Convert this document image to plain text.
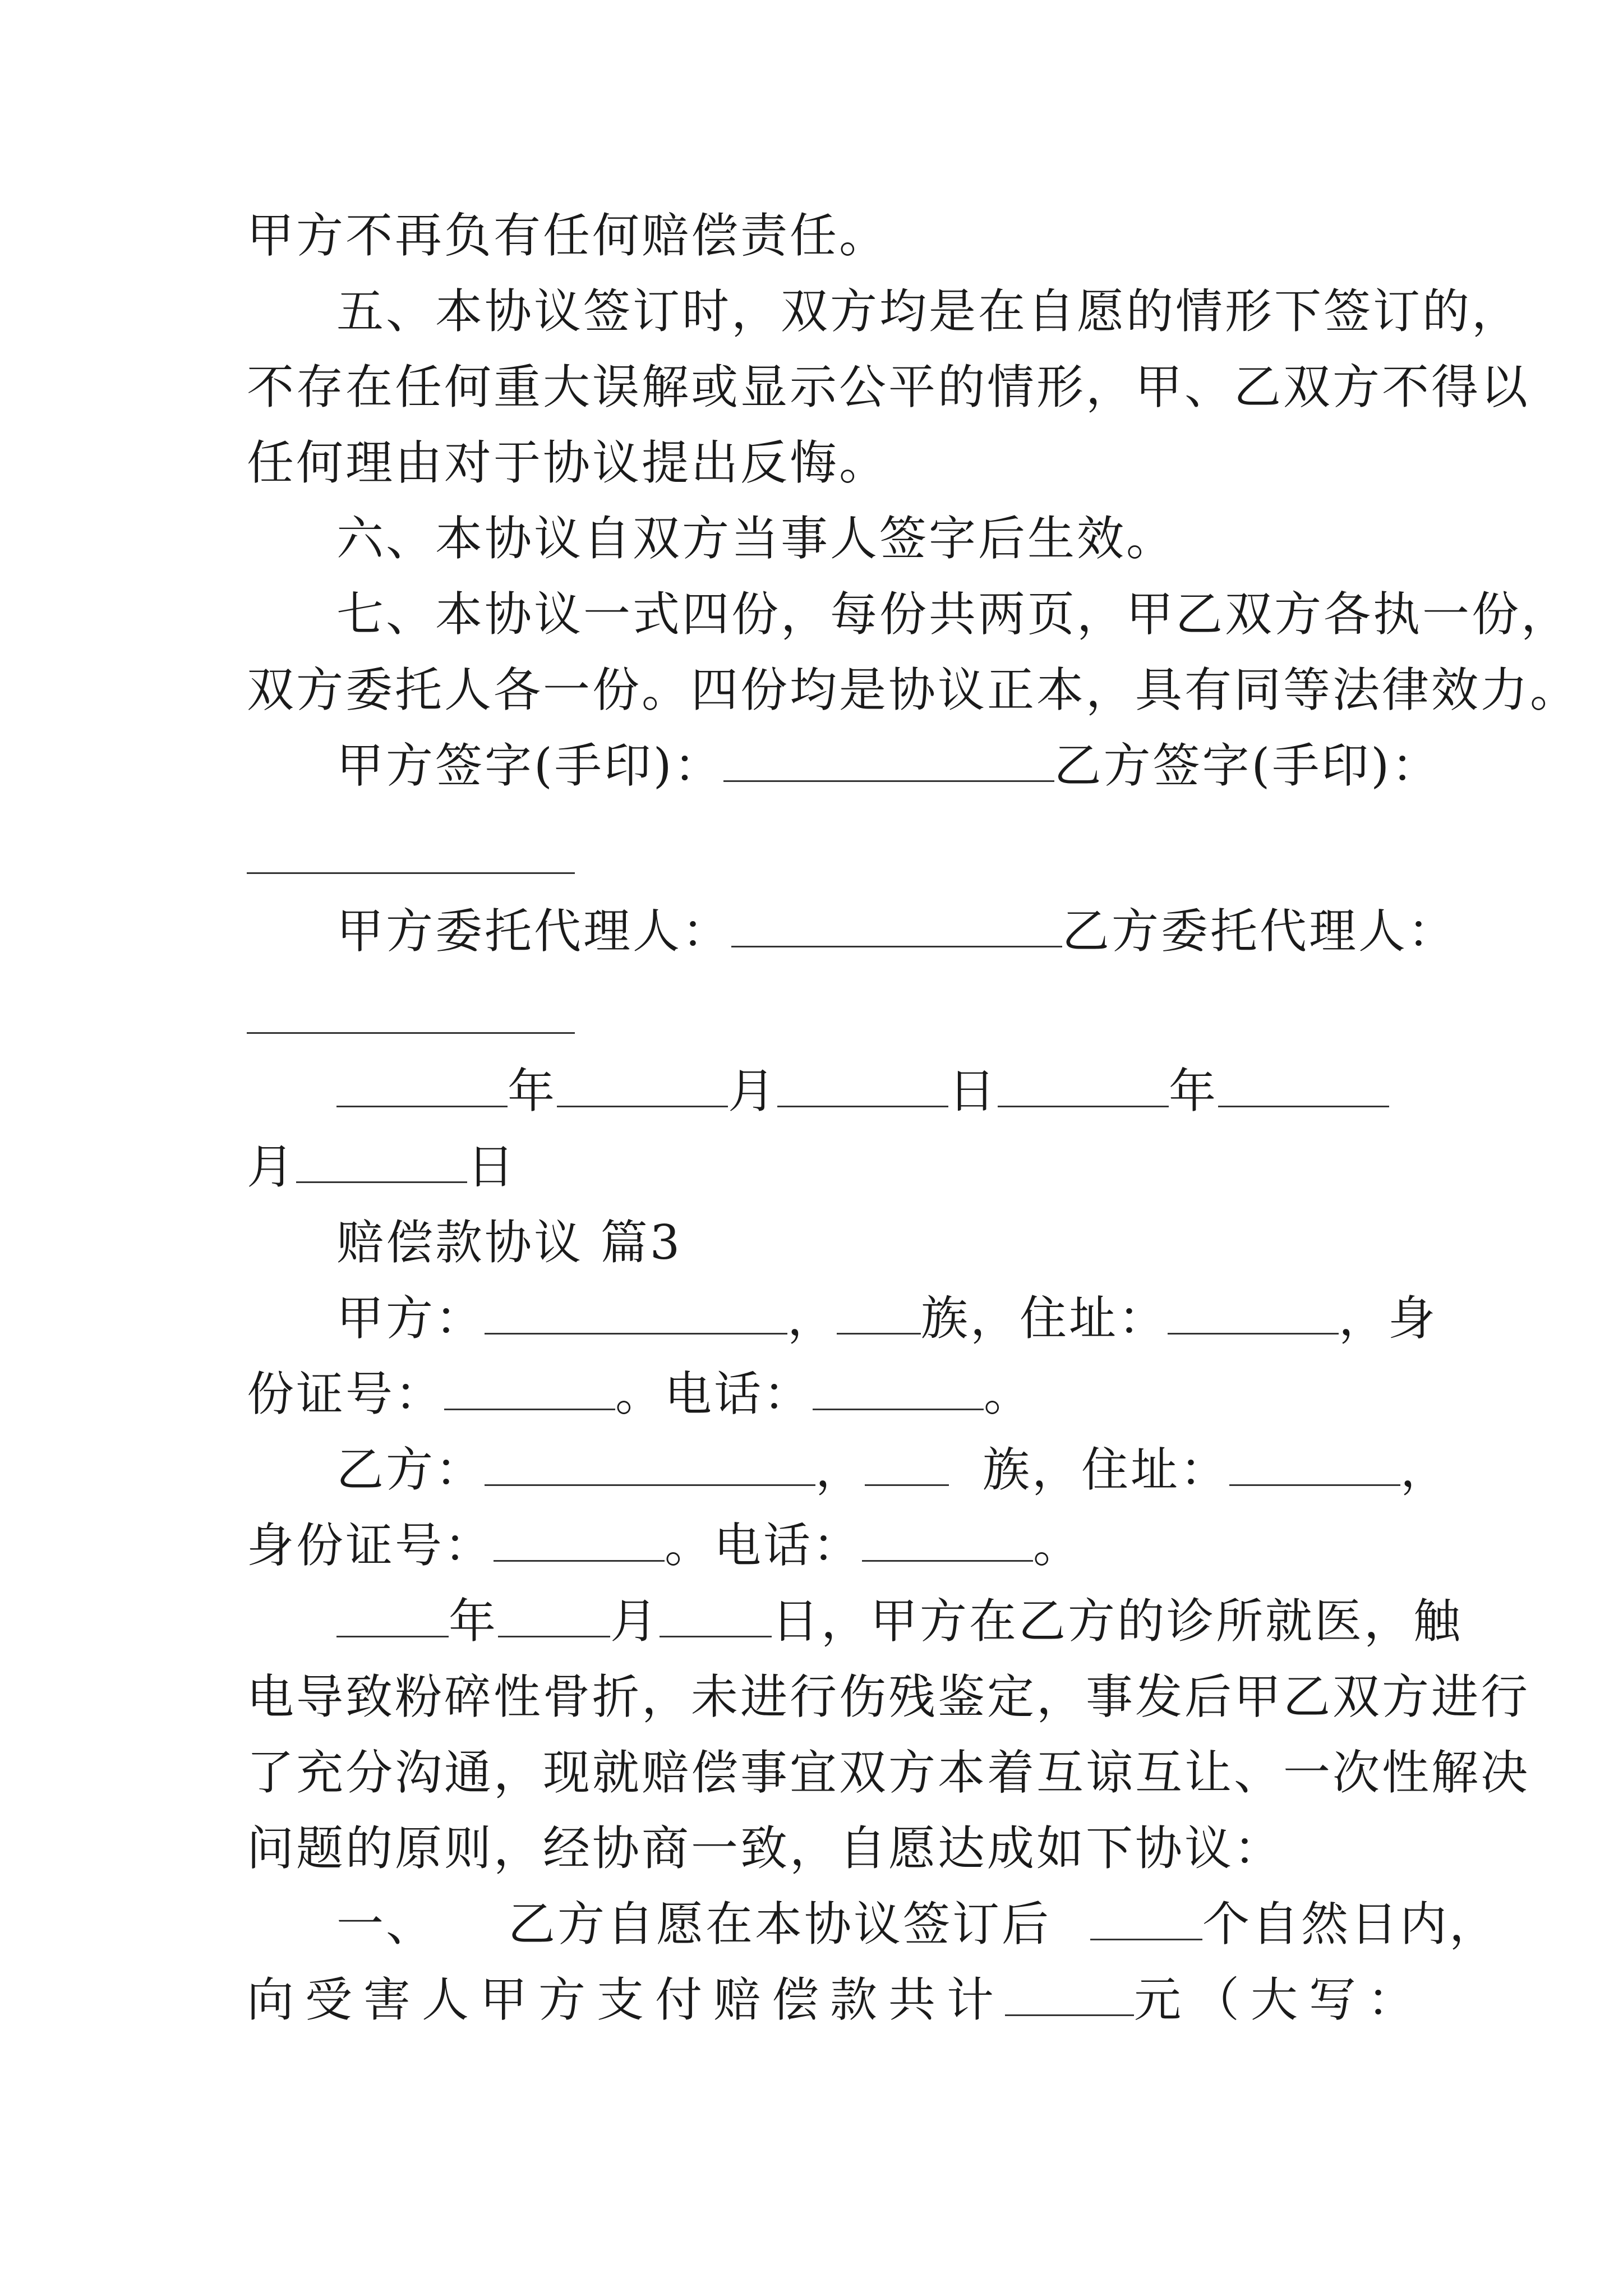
甲方不再负有任何赔偿责任。
五、本协议签订时，双方均是在自愿的情形下签订的，
不存在任何重大误解或显示公平的情形，甲、乙双方不得以
任何理由对于协议提出反悔。
六、本协议自双方当事人签字后生效。
七、本协议一式四份，每份共两页，甲乙双方各执一份，
双方委托人各一份。四份均是协议正本，具有同等法律效力。
甲方签字(手印)：	乙方签字(手印)：
甲方委托代理人：	乙方委托代理人：
年	月	日	年
月	日
赔偿款协议 篇3
甲方：	， 族，住址：	，身
份证号：	。电话：	。
乙方：	，	族，住址：	，
身份证号：	。电话：	。
年 月 日，甲方在乙方的诊所就医，触
电导致粉碎性骨折，未进行伤残鉴定，事发后甲乙双方进行
了充分沟通，现就赔偿事宜双方本着互谅互让、一次性解决
问题的原则，经协商一致，自愿达成如下协议：
一、 乙方自愿在本协议签订后	个自然日内，
向受害人甲方支付赔偿款共计	元（大写：
